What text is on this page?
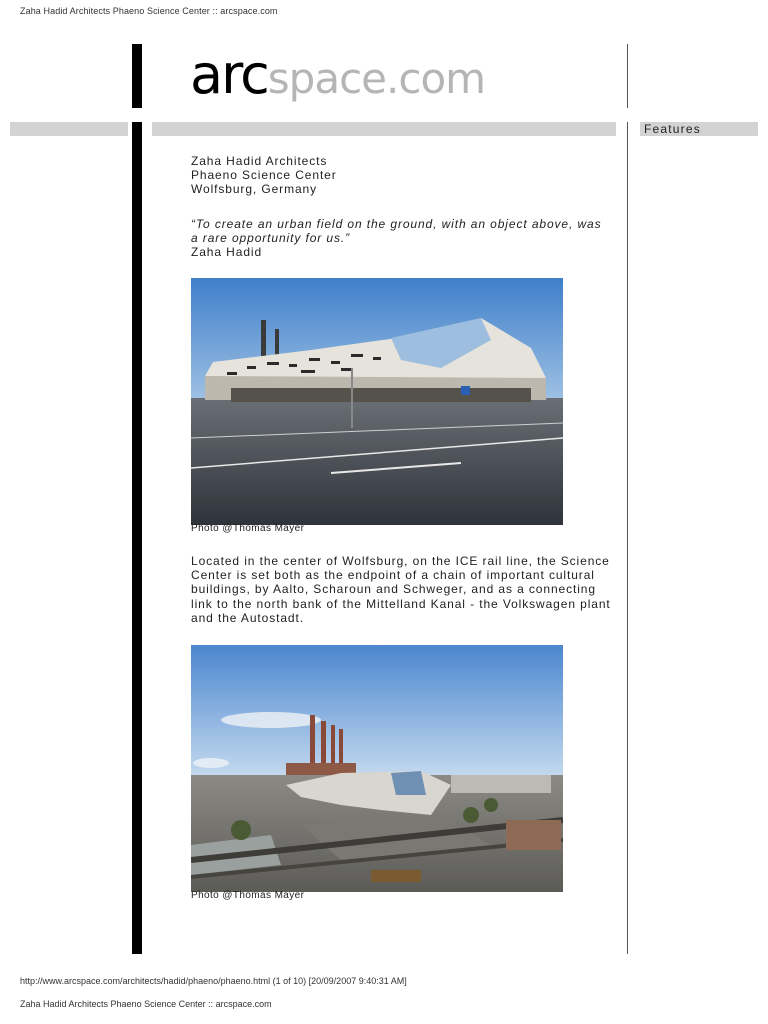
Zaha Hadid Architects Phaeno Science Center :: arcspace.com
arcspace.com
Features
Zaha Hadid Architects
Phaeno Science Center
Wolfsburg, Germany
“To create an urban field on the ground, with an object above, was a rare opportunity for us.”
Zaha Hadid
Photo @Thomas Mayer
Located in the center of Wolfsburg, on the ICE rail line, the Science Center is set both as the endpoint of a chain of important cultural buildings, by Aalto, Scharoun and Schweger, and as a connecting link to the north bank of the Mittelland Kanal - the Volkswagen plant and the Autostadt.
Photo @Thomas Mayer
http://www.arcspace.com/architects/hadid/phaeno/phaeno.html (1 of 10) [20/09/2007 9:40:31 AM]
Zaha Hadid Architects Phaeno Science Center :: arcspace.com
